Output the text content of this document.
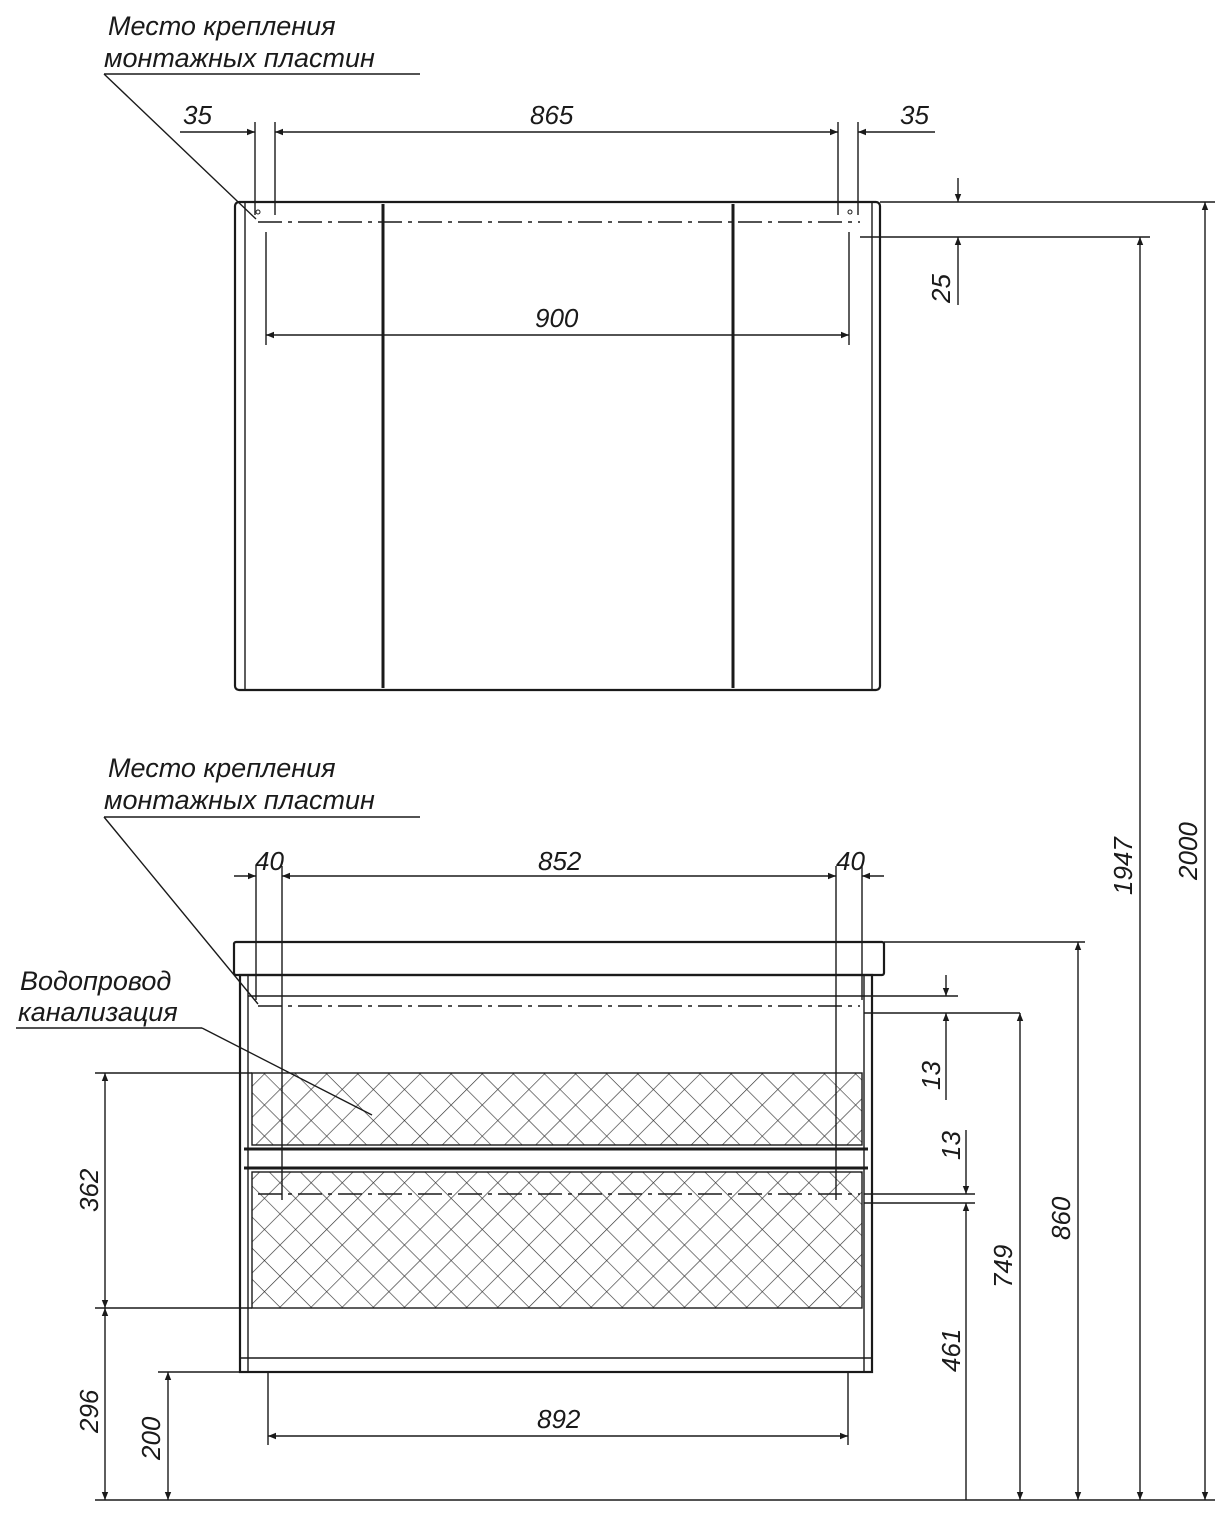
35	865	35
900
25
Место крепления
монтажных пластин
40	852	40
Место крепления
монтажных пластин
Водопровод
канализация
362
296
200	892
13
13
461
749
860
1947 2000
